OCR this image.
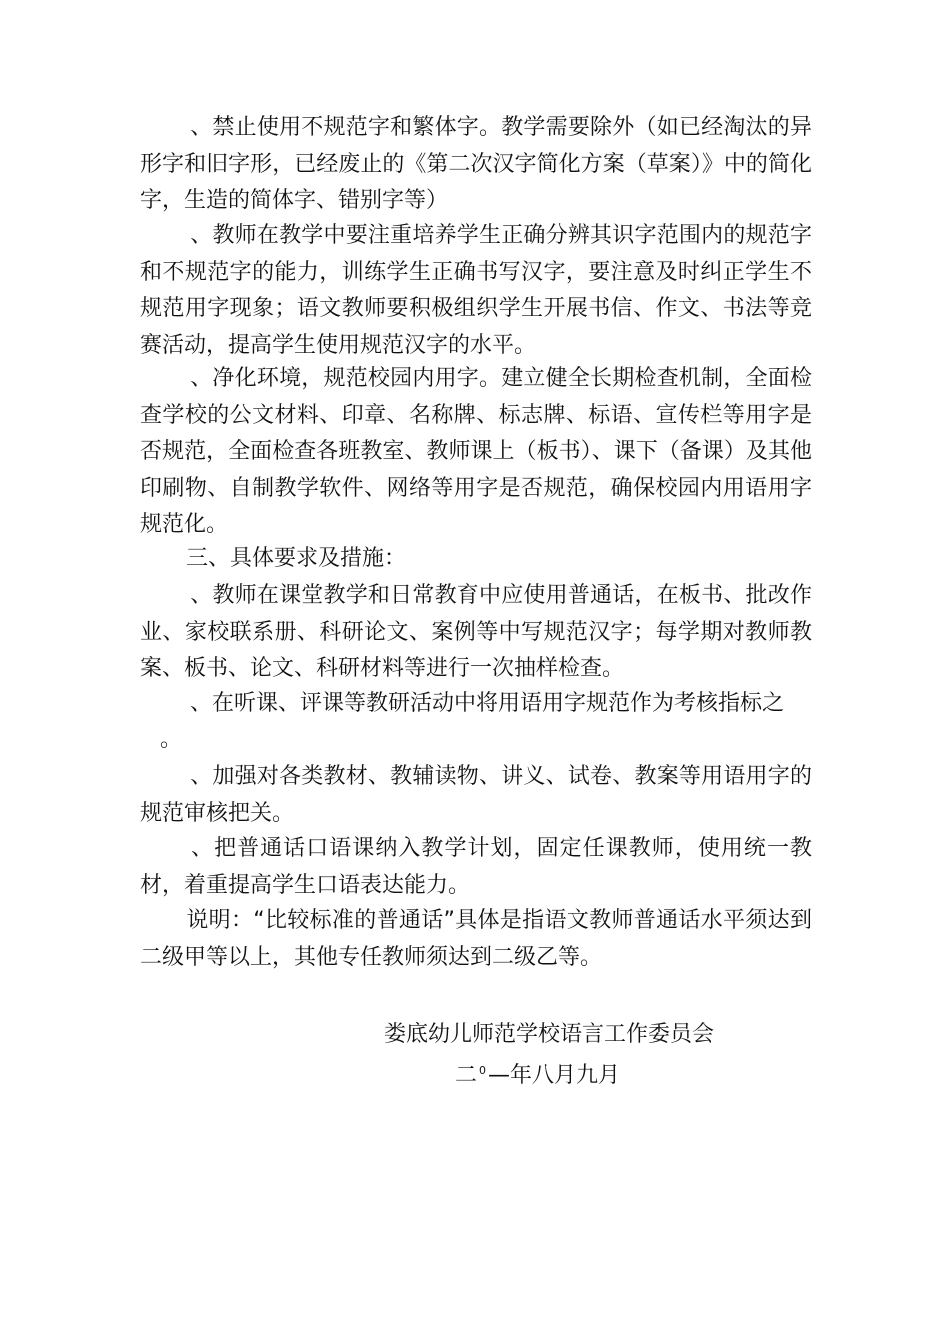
、禁止使用不规范字和繁体字。教学需要除外（如已经淘汰的异形字和旧字形，已经废止的《第二次汉字简化方案（草案）》中的简化字，生造的简体字、错别字等）

、教师在教学中要注重培养学生正确分辨其识字范围内的规范字和不规范字的能力，训练学生正确书写汉字，要注意及时纠正学生不规范用字现象；语文教师要积极组织学生开展书信、作文、书法等竞赛活动，提高学生使用规范汉字的水平。

、净化环境，规范校园内用字。建立健全长期检查机制，全面检查学校的公文材料、印章、名称牌、标志牌、标语、宣传栏等用字是否规范，全面检查各班教室、教师课上（板书）、课下（备课）及其他印刷物、自制教学软件、网络等用字是否规范，确保校园内用语用字规范化。

三、具体要求及措施：

、教师在课堂教学和日常教育中应使用普通话，在板书、批改作业、家校联系册、科研论文、案例等中写规范汉字；每学期对教师教案、板书、论文、科研材料等进行一次抽样检查。

、在听课、评课等教研活动中将用语用字规范作为考核指标之

。

、加强对各类教材、教辅读物、讲义、试卷、教案等用语用字的规范审核把关。

、把普通话口语课纳入教学计划，固定任课教师，使用统一教材，着重提高学生口语表达能力。

说明：“比较标准的普通话”具体是指语文教师普通话水平须达到二级甲等以上，其他专任教师须达到二级乙等。

娄底幼儿师范学校语言工作委员会

二 $^0$—年八月九月
